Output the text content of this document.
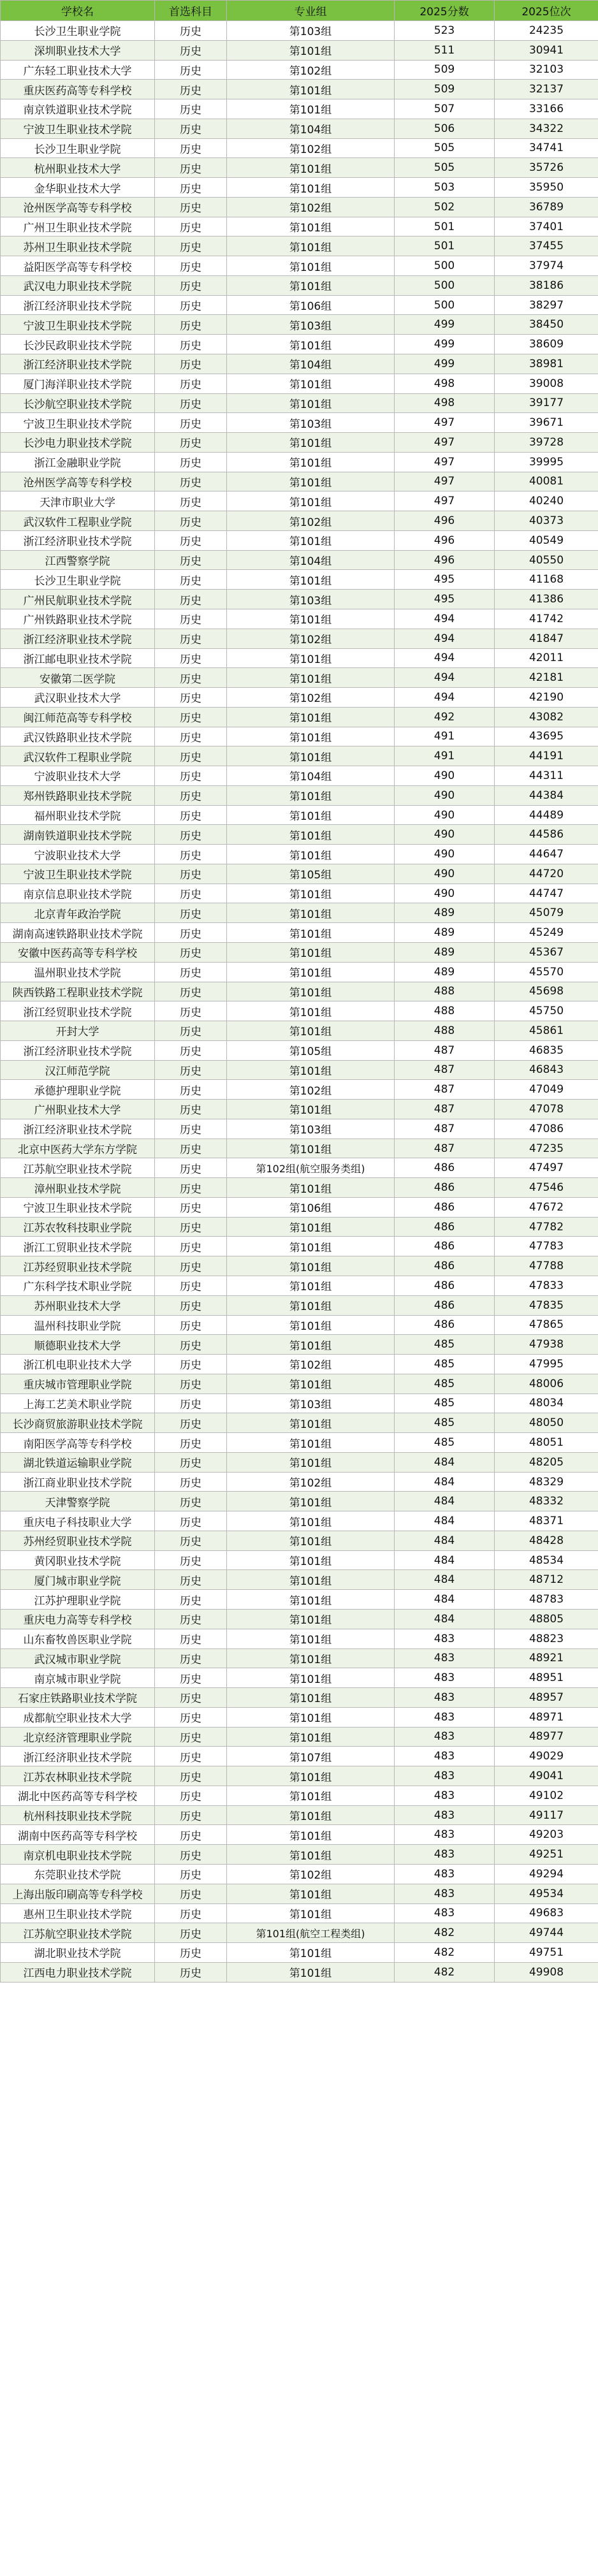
学校名	首选科目	专业组	2025分数	2025位次
长沙卫生职业学院	历史	第103组	523	24235
深圳职业技术大学	历史	第101组	511	30941
广东轻工职业技术大学	历史	第102组	509	32103
重庆医药高等专科学校	历史	第101组	509	32137
南京铁道职业技术学院	历史	第101组	507	33166
宁波卫生职业技术学院	历史	第104组	506	34322
长沙卫生职业学院	历史	第102组	505	34741
杭州职业技术大学	历史	第101组	505	35726
金华职业技术大学	历史	第101组	503	35950
沧州医学高等专科学校	历史	第102组	502	36789
广州卫生职业技术学院	历史	第101组	501	37401
苏州卫生职业技术学院	历史	第101组	501	37455
益阳医学高等专科学校	历史	第101组	500	37974
武汉电力职业技术学院	历史	第101组	500	38186
浙江经济职业技术学院	历史	第106组	500	38297
宁波卫生职业技术学院	历史	第103组	499	38450
长沙民政职业技术学院	历史	第101组	499	38609
浙江经济职业技术学院	历史	第104组	499	38981
厦门海洋职业技术学院	历史	第101组	498	39008
长沙航空职业技术学院	历史	第101组	498	39177
宁波卫生职业技术学院	历史	第103组	497	39671
长沙电力职业技术学院	历史	第101组	497	39728
浙江金融职业学院	历史	第101组	497	39995
沧州医学高等专科学校	历史	第101组	497	40081
天津市职业大学	历史	第101组	497	40240
武汉软件工程职业学院	历史	第102组	496	40373
浙江经济职业技术学院	历史	第101组	496	40549
江西警察学院	历史	第104组	496	40550
长沙卫生职业学院	历史	第101组	495	41168
广州民航职业技术学院	历史	第103组	495	41386
广州铁路职业技术学院	历史	第101组	494	41742
浙江经济职业技术学院	历史	第102组	494	41847
浙江邮电职业技术学院	历史	第101组	494	42011
安徽第二医学院	历史	第101组	494	42181
武汉职业技术大学	历史	第102组	494	42190
闽江师范高等专科学校	历史	第101组	492	43082
武汉铁路职业技术学院	历史	第101组	491	43695
武汉软件工程职业学院	历史	第101组	491	44191
宁波职业技术大学	历史	第104组	490	44311
郑州铁路职业技术学院	历史	第101组	490	44384
福州职业技术学院	历史	第101组	490	44489
湖南铁道职业技术学院	历史	第101组	490	44586
宁波职业技术大学	历史	第101组	490	44647
宁波卫生职业技术学院	历史	第105组	490	44720
南京信息职业技术学院	历史	第101组	490	44747
北京青年政治学院	历史	第101组	489	45079
湖南高速铁路职业技术学院	历史	第101组	489	45249
安徽中医药高等专科学校	历史	第101组	489	45367
温州职业技术学院	历史	第101组	489	45570
陕西铁路工程职业技术学院	历史	第101组	488	45698
浙江经贸职业技术学院	历史	第101组	488	45750
开封大学	历史	第101组	488	45861
浙江经济职业技术学院	历史	第105组	487	46835
汉江师范学院	历史	第101组	487	46843
承德护理职业学院	历史	第102组	487	47049
广州职业技术大学	历史	第101组	487	47078
浙江经济职业技术学院	历史	第103组	487	47086
北京中医药大学东方学院	历史	第101组	487	47235
江苏航空职业技术学院	历史	第102组(航空服务类组)	486	47497
漳州职业技术学院	历史	第101组	486	47546
宁波卫生职业技术学院	历史	第106组	486	47672
江苏农牧科技职业学院	历史	第101组	486	47782
浙江工贸职业技术学院	历史	第101组	486	47783
江苏经贸职业技术学院	历史	第101组	486	47788
广东科学技术职业学院	历史	第101组	486	47833
苏州职业技术大学	历史	第101组	486	47835
温州科技职业学院	历史	第101组	486	47865
顺德职业技术大学	历史	第101组	485	47938
浙江机电职业技术大学	历史	第102组	485	47995
重庆城市管理职业学院	历史	第101组	485	48006
上海工艺美术职业学院	历史	第103组	485	48034
长沙商贸旅游职业技术学院	历史	第101组	485	48050
南阳医学高等专科学校	历史	第101组	485	48051
湖北铁道运输职业学院	历史	第101组	484	48205
浙江商业职业技术学院	历史	第102组	484	48329
天津警察学院	历史	第101组	484	48332
重庆电子科技职业大学	历史	第101组	484	48371
苏州经贸职业技术学院	历史	第101组	484	48428
黄冈职业技术学院	历史	第101组	484	48534
厦门城市职业学院	历史	第101组	484	48712
江苏护理职业学院	历史	第101组	484	48783
重庆电力高等专科学校	历史	第101组	484	48805
山东畜牧兽医职业学院	历史	第101组	483	48823
武汉城市职业学院	历史	第101组	483	48921
南京城市职业学院	历史	第101组	483	48951
石家庄铁路职业技术学院	历史	第101组	483	48957
成都航空职业技术大学	历史	第101组	483	48971
北京经济管理职业学院	历史	第101组	483	48977
浙江经济职业技术学院	历史	第107组	483	49029
江苏农林职业技术学院	历史	第101组	483	49041
湖北中医药高等专科学校	历史	第101组	483	49102
杭州科技职业技术学院	历史	第101组	483	49117
湖南中医药高等专科学校	历史	第101组	483	49203
南京机电职业技术学院	历史	第101组	483	49251
东莞职业技术学院	历史	第102组	483	49294
上海出版印刷高等专科学校	历史	第101组	483	49534
惠州卫生职业技术学院	历史	第101组	483	49683
江苏航空职业技术学院	历史	第101组(航空工程类组)	482	49744
湖北职业技术学院	历史	第101组	482	49751
江西电力职业技术学院	历史	第101组	482	49908
